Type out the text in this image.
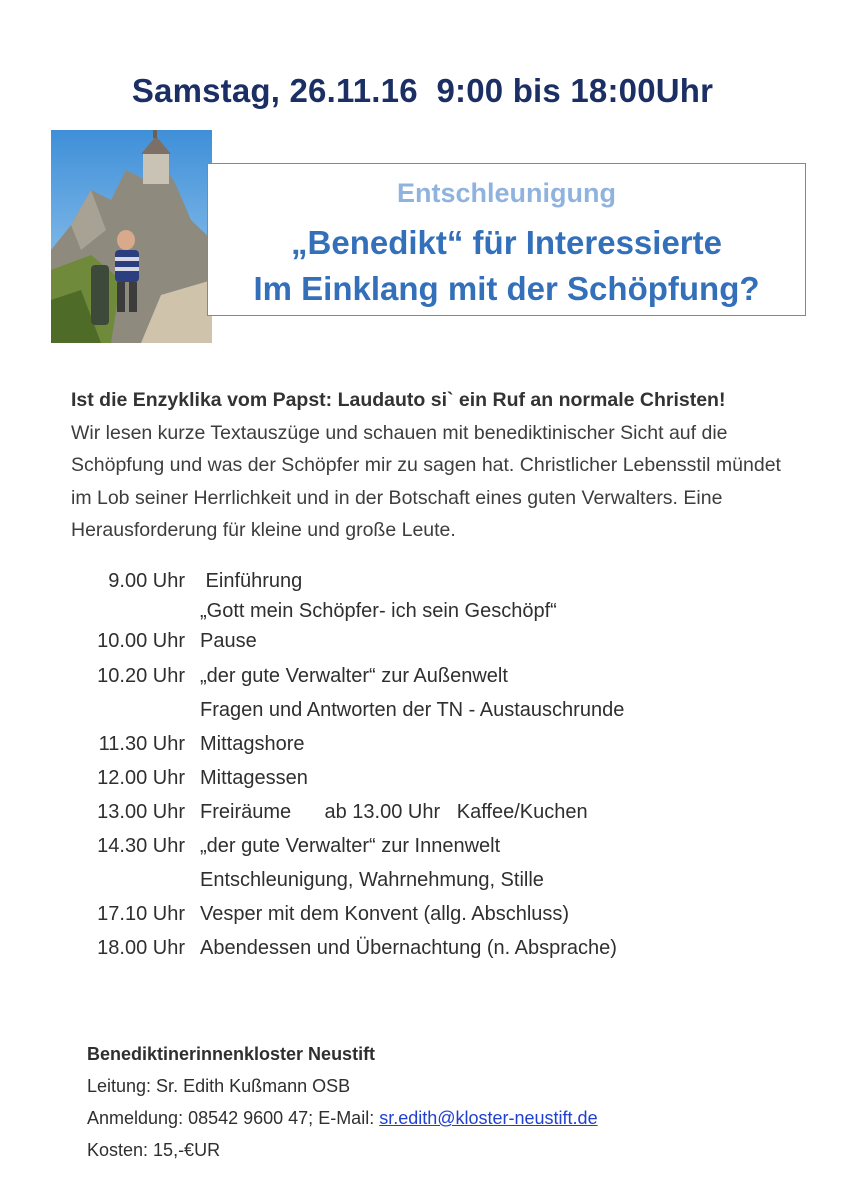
Samstag, 26.11.16  9:00 bis 18:00Uhr
Entschleunigung
„Benedikt“ für Interessierte
Im Einklang mit der Schöpfung?
Ist die Enzyklika vom Papst: Laudauto si` ein Ruf an normale Christen!
Wir lesen kurze Textauszüge und schauen mit benediktinischer Sicht auf die Schöpfung und was der Schöpfer mir zu sagen hat. Christlicher Lebensstil mündet im Lob seiner Herrlichkeit und in der Botschaft eines guten Verwalters. Eine Herausforderung für kleine und große Leute.
9.00 Uhr Einführung
„Gott mein Schöpfer- ich sein Geschöpf“
10.00 Uhr Pause
10.20 Uhr „der gute Verwalter“ zur Außenwelt
Fragen und Antworten der TN - Austauschrunde
11.30 Uhr Mittagshore
12.00 Uhr Mittagessen
13.00 Uhr Freiräume      ab 13.00 Uhr   Kaffee/Kuchen
14.30 Uhr „der gute Verwalter“ zur Innenwelt
Entschleunigung, Wahrnehmung, Stille
17.10 Uhr Vesper mit dem Konvent (allg. Abschluss)
18.00 Uhr Abendessen und Übernachtung (n. Absprache)
Benediktinerinnenkloster Neustift
Leitung: Sr. Edith Kußmann OSB
Anmeldung: 08542 9600 47; E-Mail: sr.edith@kloster-neustift.de
Kosten: 15,-€UR
